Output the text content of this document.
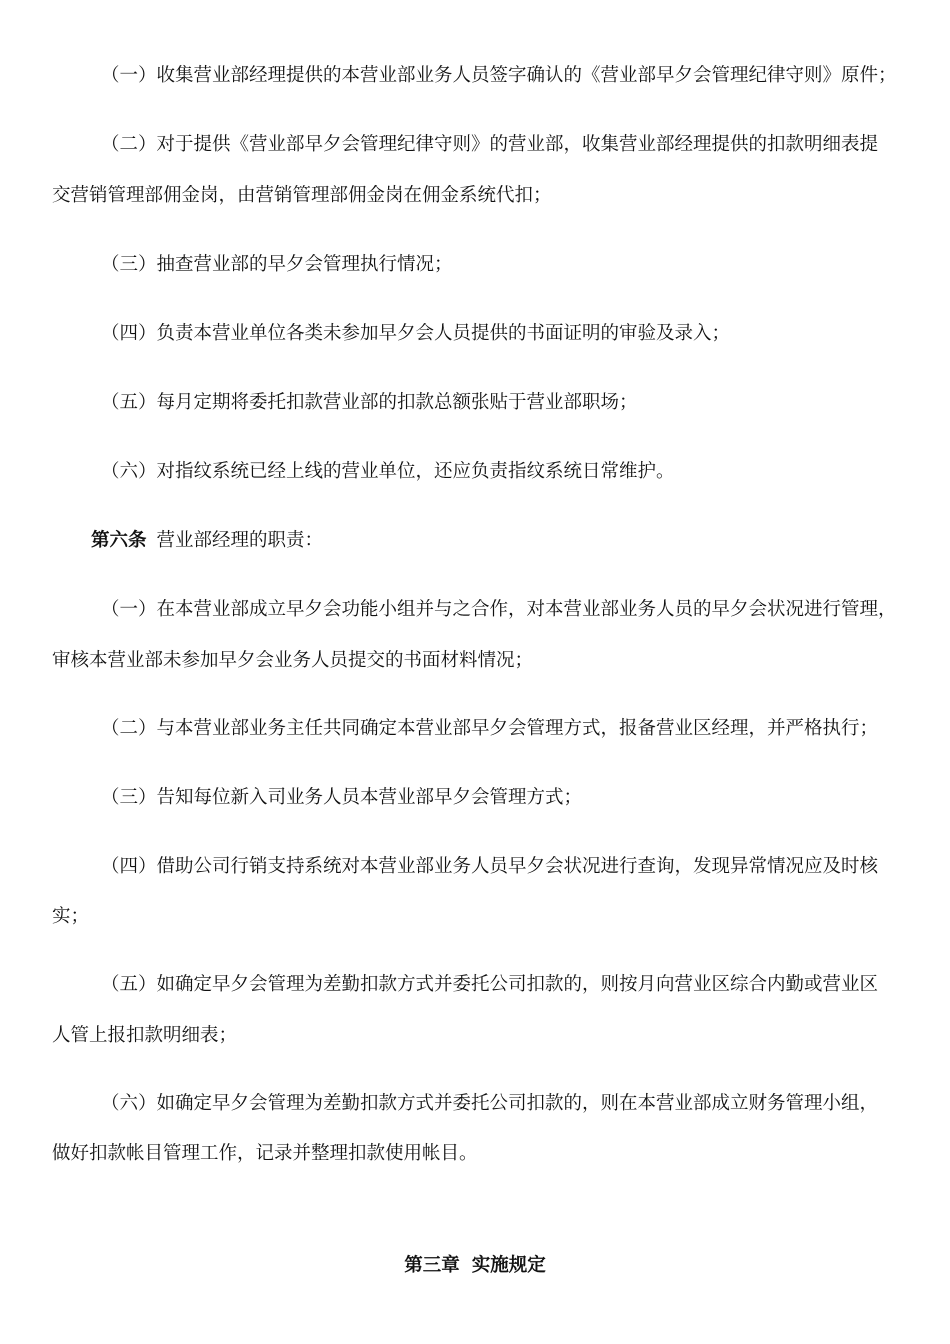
（一）收集营业部经理提供的本营业部业务人员签字确认的《营业部早夕会管理纪律守则》原件；
（二）对于提供《营业部早夕会管理纪律守则》的营业部，收集营业部经理提供的扣款明细表提
交营销管理部佣金岗，由营销管理部佣金岗在佣金系统代扣；
（三）抽查营业部的早夕会管理执行情况；
（四）负责本营业单位各类未参加早夕会人员提供的书面证明的审验及录入；
（五）每月定期将委托扣款营业部的扣款总额张贴于营业部职场；
（六）对指纹系统已经上线的营业单位，还应负责指纹系统日常维护。
第六条 营业部经理的职责：
（一）在本营业部成立早夕会功能小组并与之合作，对本营业部业务人员的早夕会状况进行管理，
审核本营业部未参加早夕会业务人员提交的书面材料情况；
（二）与本营业部业务主任共同确定本营业部早夕会管理方式，报备营业区经理，并严格执行；
（三）告知每位新入司业务人员本营业部早夕会管理方式；
（四）借助公司行销支持系统对本营业部业务人员早夕会状况进行查询，发现异常情况应及时核
实；
（五）如确定早夕会管理为差勤扣款方式并委托公司扣款的，则按月向营业区综合内勤或营业区
人管上报扣款明细表；
（六）如确定早夕会管理为差勤扣款方式并委托公司扣款的，则在本营业部成立财务管理小组，
做好扣款帐目管理工作，记录并整理扣款使用帐目。
第三章 实施规定
